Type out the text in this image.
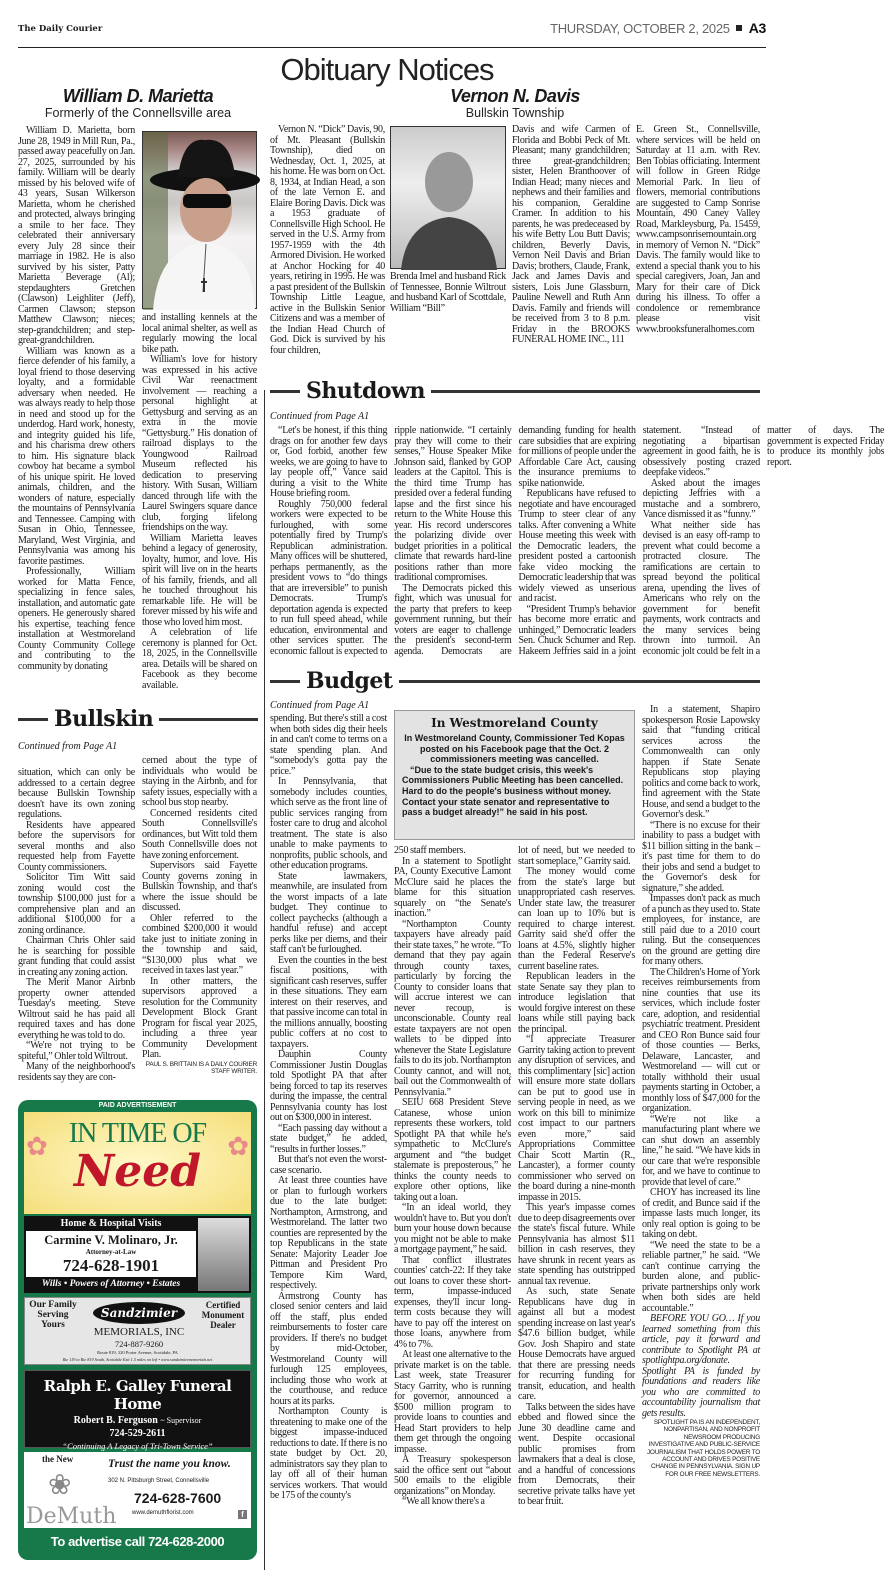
The Daily Courier	THURSDAY, OCTOBER 2, 2025 A3
Obituary Notices
William D. Marietta
Formerly of the Connellsville area

William D. Marietta, born June 28, 1949 in Mill Run, Pa., passed away peacefully on Jan. 27, 2025, surrounded by his family. William will be dearly missed by his beloved wife of 43 years, Susan Wilkerson Marietta, whom he cherished and protected, always bringing a smile to her face. They celebrated their anniversary every July 28 since their marriage in 1982. He is also survived by his sister, Patty Marietta Beverage (Al); stepdaughters Gretchen (Clawson) Leighliter (Jeff), Carmen Clawson; stepson Matthew Clawson; nieces; step-grandchildren; and step-great-grandchildren.

William was known as a fierce defender of his family, a loyal friend to those deserving loyalty, and a formidable adversary when needed. He was always ready to help those in need and stood up for the underdog. Hard work, honesty, and integrity guided his life, and his charisma drew others to him. His signature black cowboy hat became a symbol of his unique spirit. He loved animals, children, and the wonders of nature, especially the mountains of Pennsylvania and Tennessee. Camping with Susan in Ohio, Tennessee, Maryland, West Virginia, and Pennsylvania was among his favorite pastimes.

Professionally, William worked for Matta Fence, specializing in fence sales, installation, and automatic gate openers. He generously shared his expertise, teaching fence installation at Westmoreland County Community College and contributing to the community by donating

and installing kennels at the local animal shelter, as well as regularly mowing the local bike path.

William's love for history was expressed in his active Civil War reenactment involvement — reaching a personal highlight at Gettysburg and serving as an extra in the movie “Gettysburg.” His donation of railroad displays to the Youngwood Railroad Museum reflected his dedication to preserving history. With Susan, William danced through life with the Laurel Swingers square dance club, forging lifelong friendships on the way.

William Marietta leaves behind a legacy of generosity, loyalty, humor, and love. His spirit will live on in the hearts of his family, friends, and all he touched throughout his remarkable life. He will be forever missed by his wife and those who loved him most.

A celebration of life ceremony is planned for Oct. 18, 2025, in the Connellsville area. Details will be shared on Facebook as they become available.

Vernon N. Davis
Bullskin Township

Vernon N. “Dick” Davis, 90, of Mt. Pleasant (Bullskin Township), died on Wednesday, Oct. 1, 2025, at his home. He was born on Oct. 8, 1934, at Indian Head, a son of the late Vernon E. and Elaire Boring Davis. Dick was a 1953 graduate of Connellsville High School. He served in the U.S. Army from 1957-1959 with the 4th Armored Division. He worked at Anchor Hocking for 40 years, retiring in 1995. He was a past president of the Bullskin Township Little League, active in the Bullskin Senior Citizens and was a member of the Indian Head Church of God. Dick is survived by his four children,

Brenda Imel and husband Rick of Tennessee, Bonnie Wiltrout and husband Karl of Scottdale, William “Bill”

Davis and wife Carmen of Florida and Bobbi Peck of Mt. Pleasant; many grandchildren; three great-grandchildren; sister, Helen Branthoover of Indian Head; many nieces and nephews and their families and his companion, Geraldine Cramer. In addition to his parents, he was predeceased by his wife Betty Lou Butt Davis; children, Beverly Davis, Vernon Neil Davis and Brian Davis; brothers, Claude, Frank, Jack and James Davis and sisters, Lois June Glassburn, Pauline Newell and Ruth Ann Davis. Family and friends will be received from 3 to 8 p.m. Friday in the BROOKS FUNERAL HOME INC., 111

E. Green St., Connellsville, where services will be held on Saturday at 11 a.m. with Rev. Ben Tobias officiating. Interment will follow in Green Ridge Memorial Park. In lieu of flowers, memorial contributions are suggested to Camp Sonrise Mountain, 490 Caney Valley Road, Markleysburg, Pa. 15459, www.campsonrisemountain.org in memory of Vernon N. “Dick” Davis. The family would like to extend a special thank you to his special caregivers, Joan, Jan and Mary for their care of Dick during his illness. To offer a condolence or remembrance please visit www.brooksfuneralhomes.com

Shutdown
Continued from Page A1

“Let's be honest, if this thing drags on for another few days or, God forbid, another few weeks, we are going to have to lay people off,” Vance said during a visit to the White House briefing room.

Roughly 750,000 federal workers were expected to be furloughed, with some potentially fired by Trump's Republican administration. Many offices will be shuttered, perhaps permanently, as the president vows to “do things that are irreversible” to punish Democrats. Trump's deportation agenda is expected to run full speed ahead, while education, environmental and other services sputter. The economic fallout is expected to ripple nationwide. “I certainly pray they will come to their senses,” House Speaker Mike Johnson said, flanked by GOP leaders at the Capitol. This is the third time Trump has presided over a federal funding lapse and the first since his return to the White House this year. His record underscores the polarizing divide over budget priorities in a political climate that rewards hard-line positions rather than more traditional compromises.

The Democrats picked this fight, which was unusual for the party that prefers to keep government running, but their voters are eager to challenge the president's second-term agenda. Democrats are demanding funding for health care subsidies that are expiring for millions of people under the Affordable Care Act, causing the insurance premiums to spike nationwide.

Republicans have refused to negotiate and have encouraged Trump to steer clear of any talks. After convening a White House meeting this week with the Democratic leaders, the president posted a cartoonish fake video mocking the Democratic leadership that was widely viewed as unserious and racist.

“President Trump's behavior has become more erratic and unhinged,” Democratic leaders Sen. Chuck Schumer and Rep. Hakeem Jeffries said in a joint statement. “Instead of negotiating a bipartisan agreement in good faith, he is obsessively posting crazed deepfake videos.”

Asked about the images depicting Jeffries with a mustache and a sombrero, Vance dismissed it as “funny.”

What neither side has devised is an easy off-ramp to prevent what could become a protracted closure. The ramifications are certain to spread beyond the political arena, upending the lives of Americans who rely on the government for benefit payments, work contracts and the many services being thrown into turmoil. An economic jolt could be felt in a matter of days. The government is expected Friday to produce its monthly jobs report.

Budget
Continued from Page A1

spending. But there's still a cost when both sides dig their heels in and can't come to terms on a state spending plan. And “somebody's gotta pay the price.”

In Pennsylvania, that somebody includes counties, which serve as the front line of public services ranging from foster care to drug and alcohol treatment. The state is also unable to make payments to nonprofits, public schools, and other education programs.

State lawmakers, meanwhile, are insulated from the worst impacts of a late budget. They continue to collect paychecks (although a handful refuse) and accept perks like per diems, and their staff can't be furloughed.

Even the counties in the best fiscal positions, with significant cash reserves, suffer in these situations. They earn interest on their reserves, and that passive income can total in the millions annually, boosting public coffers at no cost to taxpayers.

Dauphin County Commissioner Justin Douglas told Spotlight PA that after being forced to tap its reserves during the impasse, the central Pennsylvania county has lost out on $300,000 in interest.

“Each passing day without a state budget,” he added, “results in further losses.”

But that's not even the worst-case scenario.

At least three counties have or plan to furlough workers due to the late budget: Northampton, Armstrong, and Westmoreland. The latter two counties are represented by the top Republicans in the state Senate: Majority Leader Joe Pittman and President Pro Tempore Kim Ward, respectively.

Armstrong County has closed senior centers and laid off the staff, plus ended reimbursements to foster care providers. If there's no budget by mid-October, Westmoreland County will furlough 125 employees, including those who work at the courthouse, and reduce hours at its parks.

Northampton County is threatening to make one of the biggest impasse-induced reductions to date. If there is no state budget by Oct. 20, administrators say they plan to lay off all of their human services workers. That would be 175 of the county's

In Westmoreland County

In Westmoreland County, Commissioner Ted Kopas posted on his Facebook page that the Oct. 2 commissioners meeting was cancelled.

“Due to the state budget crisis, this week's Commissioners Public Meeting has been cancelled. Hard to do the people's business without money. Contact your state senator and representative to pass a budget already!” he said in his post.

250 staff members.

In a statement to Spotlight PA, County Executive Lamont McClure said he places the blame for this situation squarely on “the Senate's inaction.”

“Northampton County taxpayers have already paid their state taxes,” he wrote. “To demand that they pay again through county taxes, particularly by forcing the County to consider loans that will accrue interest we can never recoup, is unconscionable. County real estate taxpayers are not open wallets to be dipped into whenever the State Legislature fails to do its job. Northampton County cannot, and will not, bail out the Commonwealth of Pennsylvania.”

SEIU 668 President Steve Catanese, whose union represents these workers, told Spotlight PA that while he's sympathetic to McClure's argument and “the budget stalemate is preposterous,” he thinks the county needs to explore other options, like taking out a loan.

“In an ideal world, they wouldn't have to. But you don't burn your house down because you might not be able to make a mortgage payment,” he said.

That conflict illustrates counties' catch-22: If they take out loans to cover these short-term, impasse-induced expenses, they'll incur long-term costs because they will have to pay off the interest on those loans, anywhere from 4% to 7%.

At least one alternative to the private market is on the table. Last week, state Treasurer Stacy Garrity, who is running for governor, announced a $500 million program to provide loans to counties and Head Start providers to help them get through the ongoing impasse.

A Treasury spokesperson said the office sent out “about 500 emails to the eligible organizations” on Monday.

“We all know there's a

lot of need, but we needed to start someplace,” Garrity said.

The money would come from the state's large but unappropriated cash reserves. Under state law, the treasurer can loan up to 10% but is required to charge interest. Garrity said she'd offer the loans at 4.5%, slightly higher than the Federal Reserve's current baseline rates.

Republican leaders in the state Senate say they plan to introduce legislation that would forgive interest on these loans while still paying back the principal.

“I appreciate Treasurer Garrity taking action to prevent any disruption of services, and this complimentary [sic] action will ensure more state dollars can be put to good use in serving people in need, as we work on this bill to minimize cost impact to our partners even more,” said Appropriations Committee Chair Scott Martin (R., Lancaster), a former county commissioner who served on the board during a nine-month impasse in 2015.

This year's impasse comes due to deep disagreements over the state's fiscal future. While Pennsylvania has almost $11 billion in cash reserves, they have shrunk in recent years as state spending has outstripped annual tax revenue.

As such, state Senate Republicans have dug in against all but a modest spending increase on last year's $47.6 billion budget, while Gov. Josh Shapiro and state House Democrats have argued that there are pressing needs for recurring funding for transit, education, and health care.

Talks between the sides have ebbed and flowed since the June 30 deadline came and went. Despite occasional public promises from lawmakers that a deal is close, and a handful of concessions from Democrats, their secretive private talks have yet to bear fruit.

In a statement, Shapiro spokesperson Rosie Lapowsky said that “funding critical services across the Commonwealth can only happen if State Senate Republicans stop playing politics and come back to work, find agreement with the State House, and send a budget to the Governor's desk.”

“There is no excuse for their inability to pass a budget with $11 billion sitting in the bank – it's past time for them to do their jobs and send a budget to the Governor's desk for signature,” she added.

Impasses don't pack as much of a punch as they used to. State employees, for instance, are still paid due to a 2010 court ruling. But the consequences on the ground are getting dire for many others.

The Children's Home of York receives reimbursements from nine counties that use its services, which include foster care, adoption, and residential psychiatric treatment. President and CEO Ron Bunce said four of those counties — Berks, Delaware, Lancaster, and Westmoreland — will cut or totally withhold their usual payments starting in October, a monthly loss of $47,000 for the organization.

“We're not like a manufacturing plant where we can shut down an assembly line,” he said. “We have kids in our care that we're responsible for, and we have to continue to provide that level of care.”

CHOY has increased its line of credit, and Bunce said if the impasse lasts much longer, its only real option is going to be taking on debt.

“We need the state to be a reliable partner,” he said. “We can't continue carrying the burden alone, and public-private partnerships only work when both sides are held accountable.”

BEFORE YOU GO… If you learned something from this article, pay it forward and contribute to Spotlight PA at spotlightpa.org/donate. Spotlight PA is funded by foundations and readers like you who are committed to accountability journalism that gets results.

SPOTLIGHT PA IS AN INDEPENDENT, NONPARTISAN, AND NONPROFIT NEWSROOM PRODUCING INVESTIGATIVE AND PUBLIC-SERVICE JOURNALISM THAT HOLDS POWER TO ACCOUNT AND DRIVES POSITIVE CHANGE IN PENNSYLVANIA. SIGN UP FOR OUR FREE NEWSLETTERS.

Bullskin
Continued from Page A1

situation, which can only be addressed to a certain degree because Bullskin Township doesn't have its own zoning regulations.

Residents have appeared before the supervisors for several months and also requested help from Fayette County commissioners.

Solicitor Tim Witt said zoning would cost the township $100,000 just for a comprehensive plan and an additional $100,000 for a zoning ordinance.

Chairman Chris Ohler said he is searching for possible grant funding that could assist in creating any zoning action.

The Merit Manor Airbnb property owner attended Tuesday's meeting. Steve Wiltrout said he has paid all required taxes and has done everything he was told to do.

“We're not trying to be spiteful,” Ohler told Wiltrout.

Many of the neighborhood's residents say they are con-

cerned about the type of individuals who would be staying in the Airbnb, and for safety issues, especially with a school bus stop nearby.

Concerned residents cited South Connellsville's ordinances, but Witt told them South Connellsville does not have zoning enforcement.

Supervisors said Fayette County governs zoning in Bullskin Township, and that's where the issue should be discussed.

Ohler referred to the combined $200,000 it would take just to initiate zoning in the township and said, “$130,000 plus what we received in taxes last year.”

In other matters, the supervisors approved a resolution for the Community Development Block Grant Program for fiscal year 2025, including a three year Community Development Plan.

PAUL S. BRITTAIN IS A DAILY COURIER STAFF WRITER.

PAID ADVERTISEMENT
IN TIME OF
Need
✿	✿
Home & Hospital Visits
Carmine V. Molinaro, Jr.
Attorney-at-Law
724-628-1901
Wills • Powers of Attorney • Estates
Our Family Serving Yours
Sandzimier
Certified Monument Dealer
MEMORIALS, INC
724-887-9260
Route 819, 320 Porter Avenue, Scottdale, PA
Rte 119 to Rte 819 South, Scottdale Exit 1.5 miles on left • www.sandzimiermemorials.net
Ralph E. Galley Funeral Home
Robert B. Ferguson ~ Supervisor
724-529-2611
“Continuing A Legacy of Tri-Town Service”
the New
❀
DeMuth
Trust the name you know.
302 N. Pittsburgh Street, Connellsville
724-628-7600
www.demuthflorist.com	f
To advertise call 724-628-2000
